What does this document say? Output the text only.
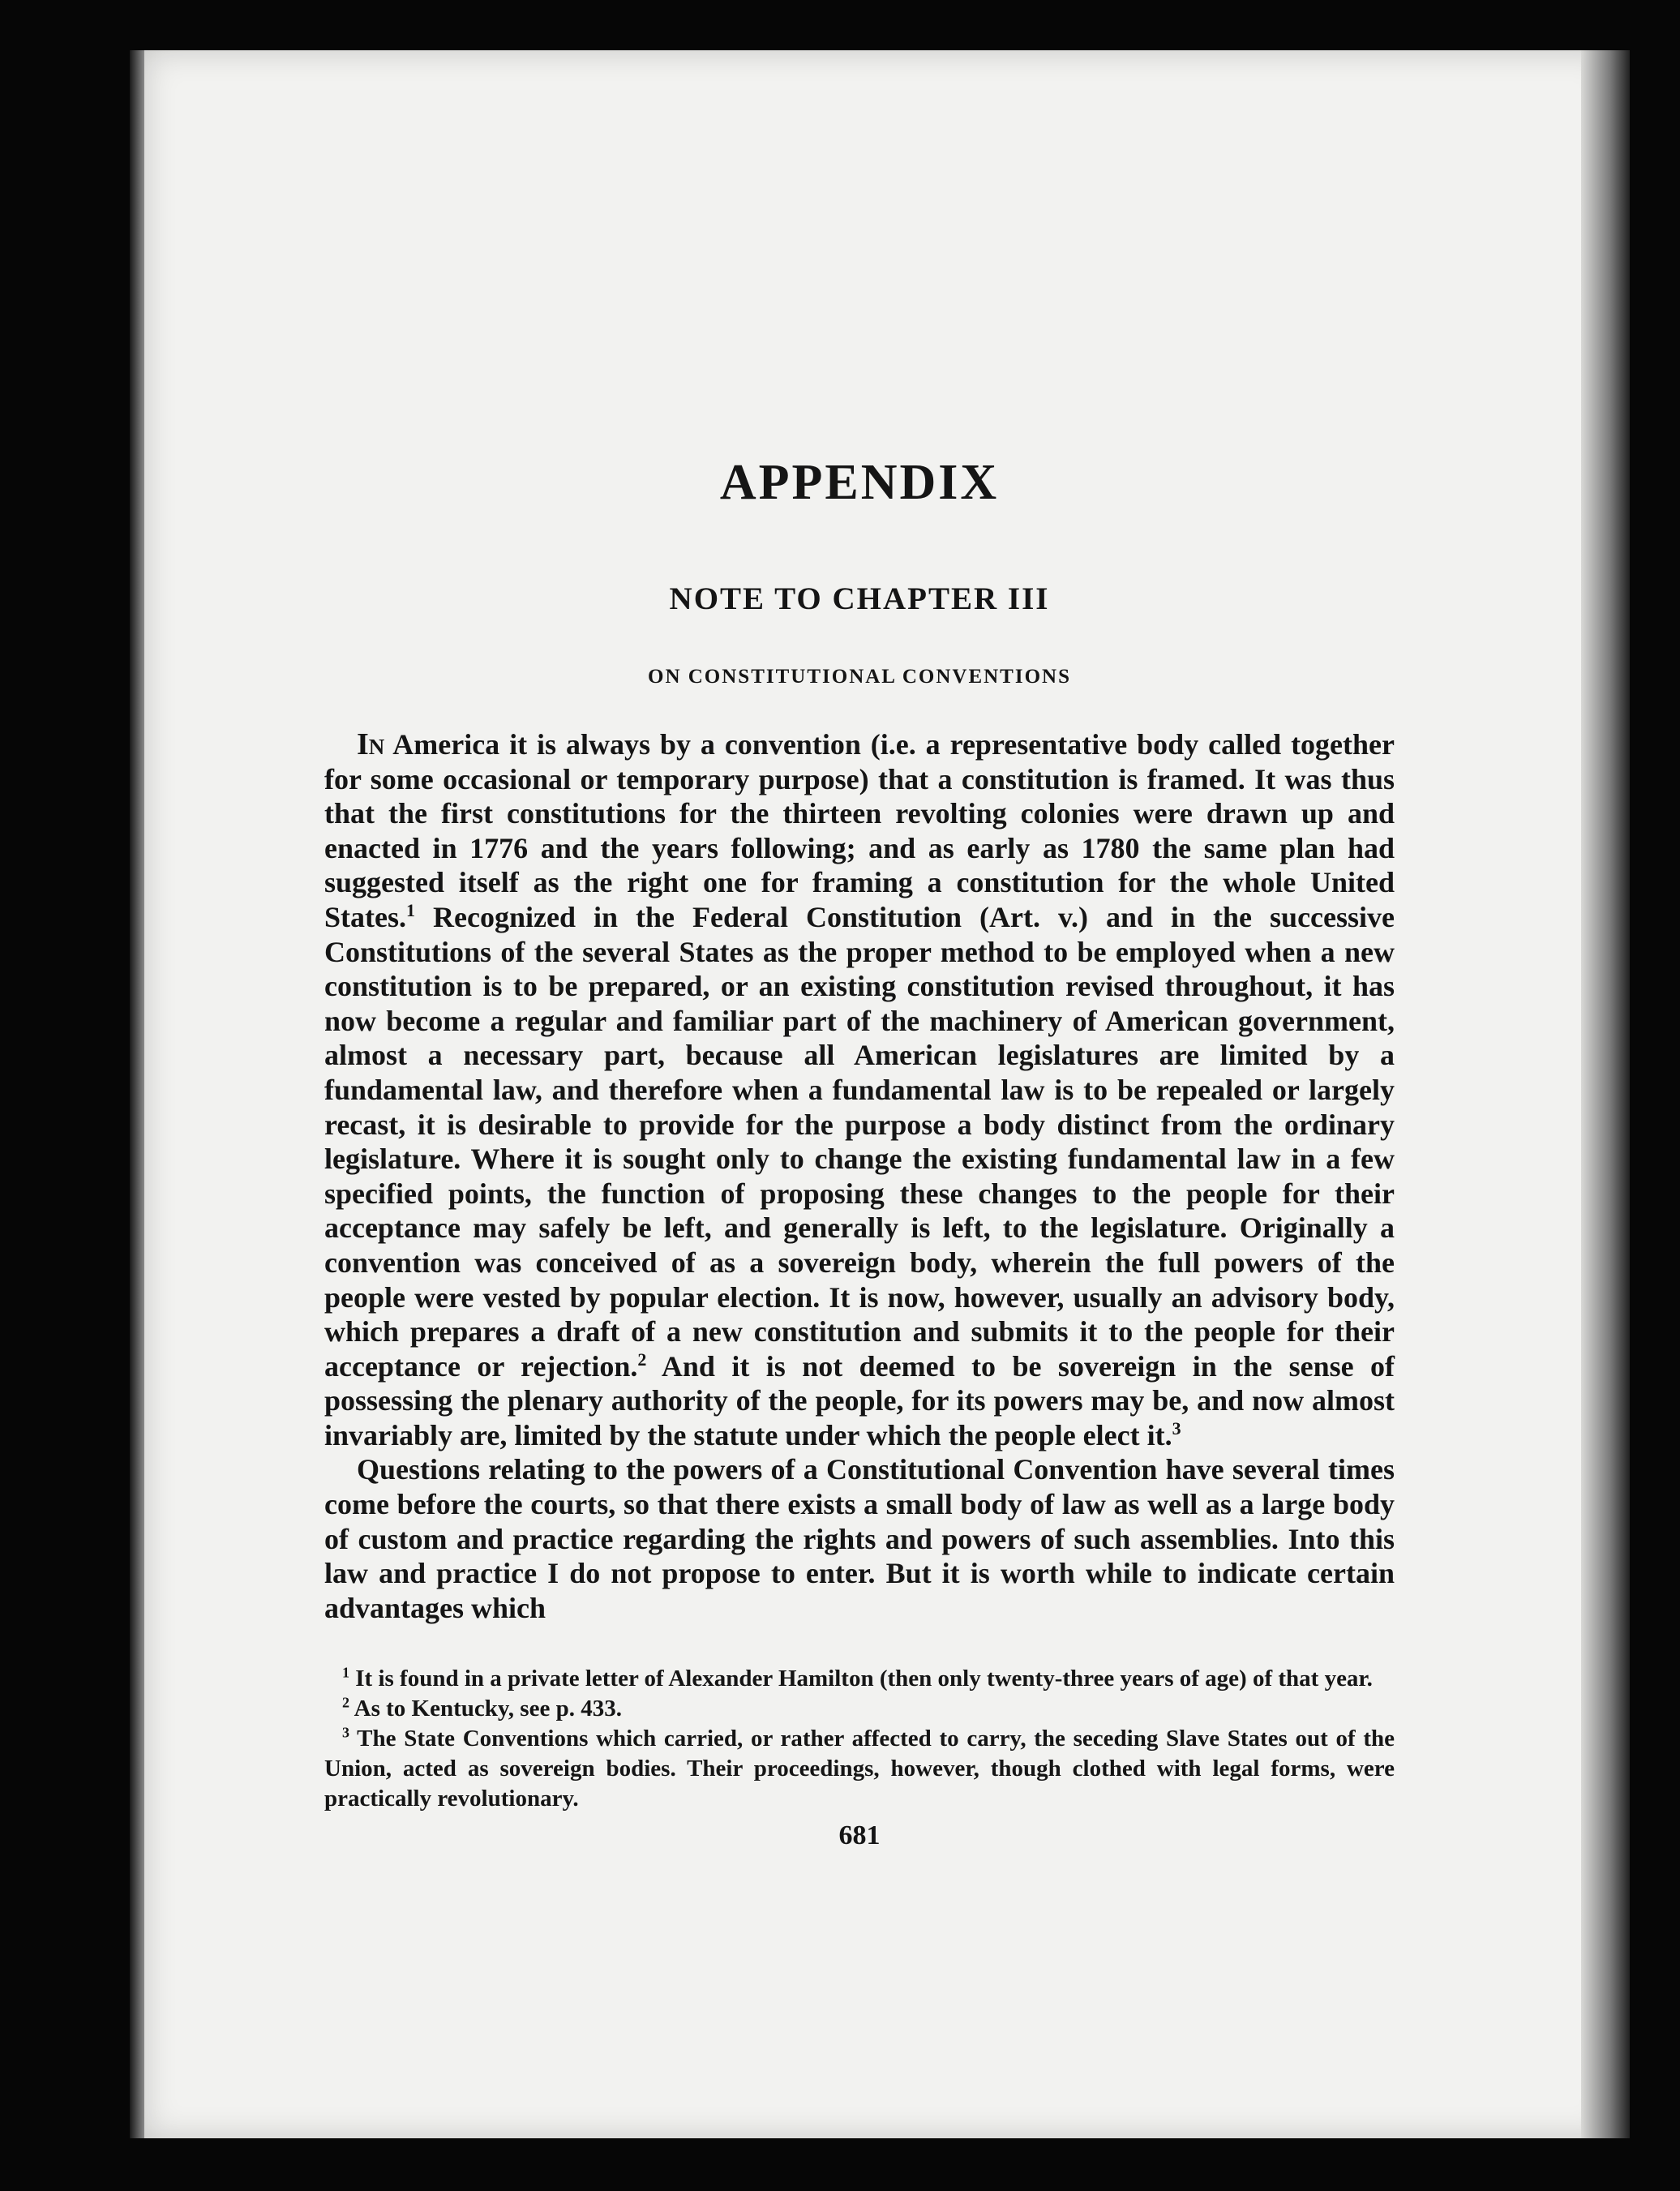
APPENDIX
NOTE TO CHAPTER III
ON CONSTITUTIONAL CONVENTIONS

In America it is always by a convention (i.e. a representative body called together for some occasional or temporary purpose) that a constitution is framed. It was thus that the first constitutions for the thirteen revolting colonies were drawn up and enacted in 1776 and the years following; and as early as 1780 the same plan had suggested itself as the right one for framing a constitution for the whole United States.$^1$ Recognized in the Federal Constitution (Art. v.) and in the successive Constitutions of the several States as the proper method to be employed when a new constitution is to be prepared, or an existing constitution revised throughout, it has now become a regular and familiar part of the machinery of American government, almost a necessary part, because all American legislatures are limited by a fundamental law, and therefore when a fundamental law is to be repealed or largely recast, it is desirable to provide for the purpose a body distinct from the ordinary legislature. Where it is sought only to change the existing fundamental law in a few specified points, the function of proposing these changes to the people for their acceptance may safely be left, and generally is left, to the legislature. Originally a convention was conceived of as a sovereign body, wherein the full powers of the people were vested by popular election. It is now, however, usually an advisory body, which prepares a draft of a new constitution and submits it to the people for their acceptance or rejection.$^2$ And it is not deemed to be sovereign in the sense of possessing the plenary authority of the people, for its powers may be, and now almost invariably are, limited by the statute under which the people elect it.$^3$

Questions relating to the powers of a Constitutional Convention have several times come before the courts, so that there exists a small body of law as well as a large body of custom and practice regarding the rights and powers of such assemblies. Into this law and practice I do not propose to enter. But it is worth while to indicate certain advantages which

$^1$ It is found in a private letter of Alexander Hamilton (then only twenty-three years of age) of that year.

$^2$ As to Kentucky, see p. 433.

$^3$ The State Conventions which carried, or rather affected to carry, the seceding Slave States out of the Union, acted as sovereign bodies. Their proceedings, however, though clothed with legal forms, were practically revolutionary.

681
